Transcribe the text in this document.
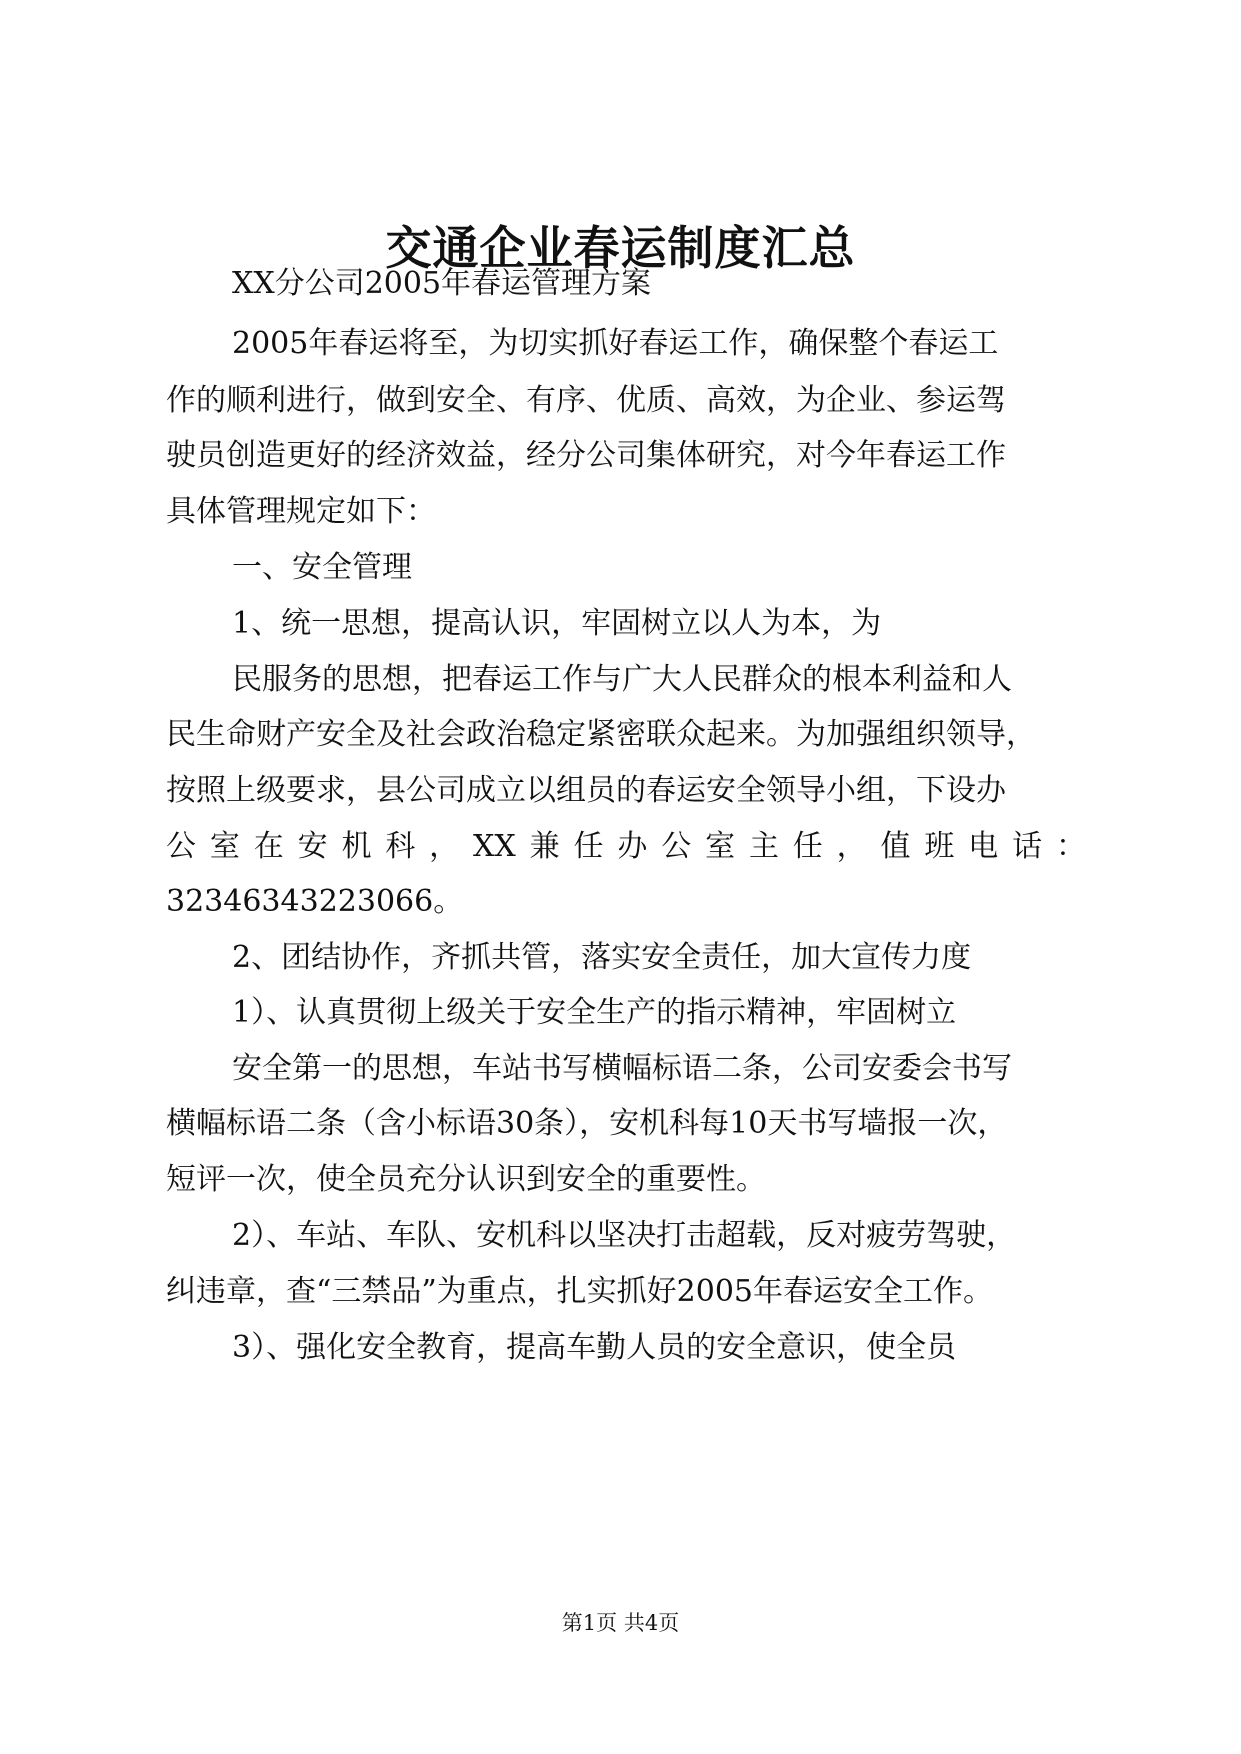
交通企业春运制度汇总
XX分公司2005年春运管理方案
2005年春运将至，为切实抓好春运工作，确保整个春运工
作的顺利进行，做到安全、有序、优质、高效，为企业、参运驾
驶员创造更好的经济效益，经分公司集体研究，对今年春运工作
具体管理规定如下：
一、安全管理
1、统一思想，提高认识，牢固树立以人为本，为
民服务的思想，把春运工作与广大人民群众的根本利益和人
民生命财产安全及社会政治稳定紧密联众起来。为加强组织领导，
按照上级要求，县公司成立以组员的春运安全领导小组，下设办
公室在安机科，XX兼任办公室主任，值班电话：
32346343223066。
2、团结协作，齐抓共管，落实安全责任，加大宣传力度
1）、认真贯彻上级关于安全生产的指示精神，牢固树立
安全第一的思想，车站书写横幅标语二条，公司安委会书写
横幅标语二条（含小标语30条），安机科每10天书写墙报一次，
短评一次，使全员充分认识到安全的重要性。
2）、车站、车队、安机科以坚决打击超载，反对疲劳驾驶，
纠违章，查“三禁品”为重点，扎实抓好2005年春运安全工作。
3）、强化安全教育，提高车勤人员的安全意识，使全员
第1页 共4页
